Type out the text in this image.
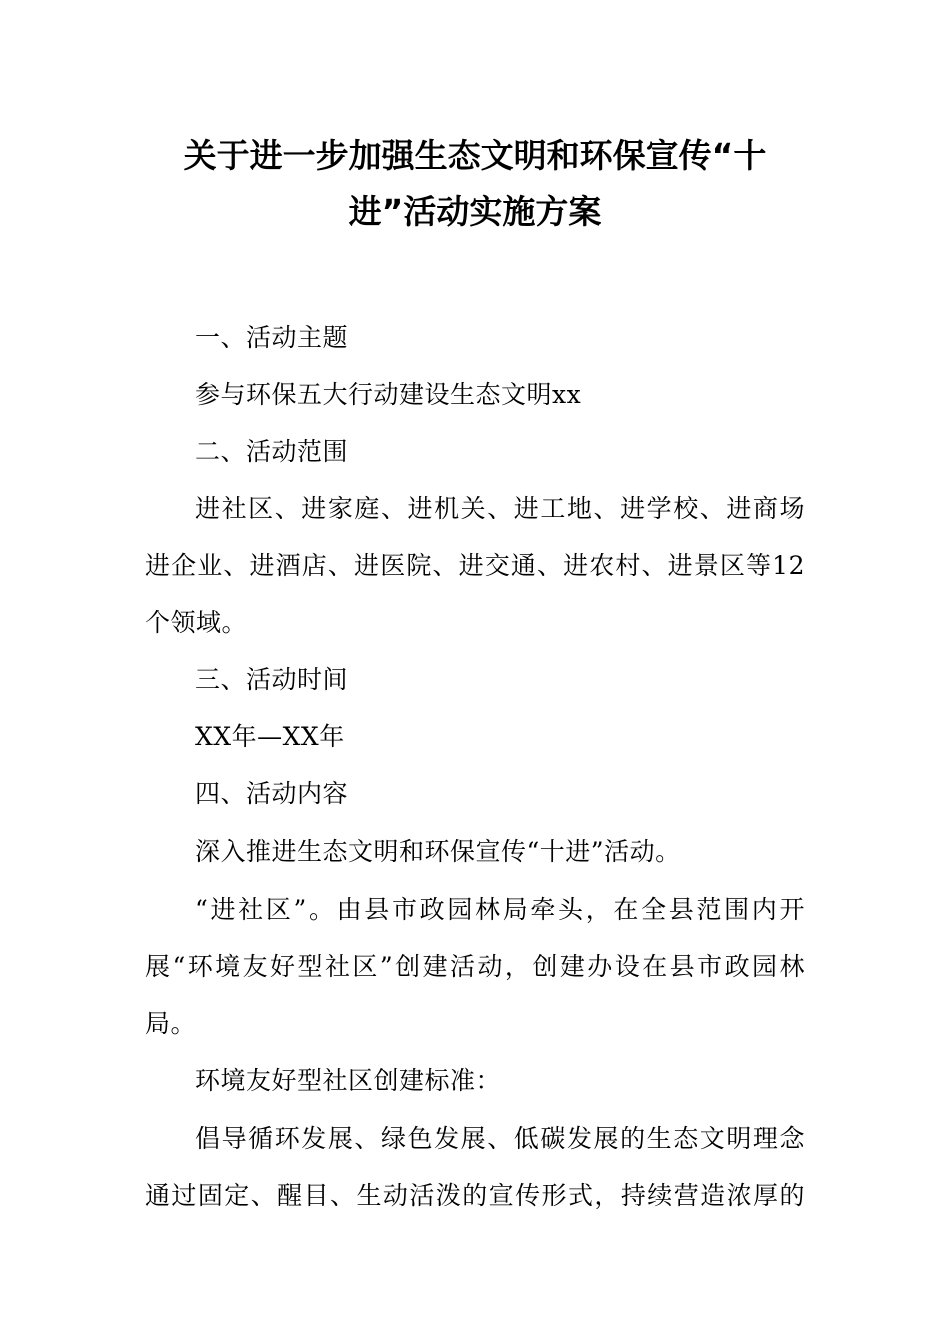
关于进一步加强生态文明和环保宣传“十
进”活动实施方案
一、活动主题
参与环保五大行动建设生态文明xx
二、活动范围
进社区、进家庭、进机关、进工地、进学校、进商场
进企业、进酒店、进医院、进交通、进农村、进景区等12
个领域。
三、活动时间
XX年—XX年
四、活动内容
深入推进生态文明和环保宣传“十进”活动。
“进社区”。由县市政园林局牵头，在全县范围内开
展“环境友好型社区”创建活动，创建办设在县市政园林
局。
环境友好型社区创建标准：
倡导循环发展、绿色发展、低碳发展的生态文明理念
通过固定、醒目、生动活泼的宣传形式，持续营造浓厚的
